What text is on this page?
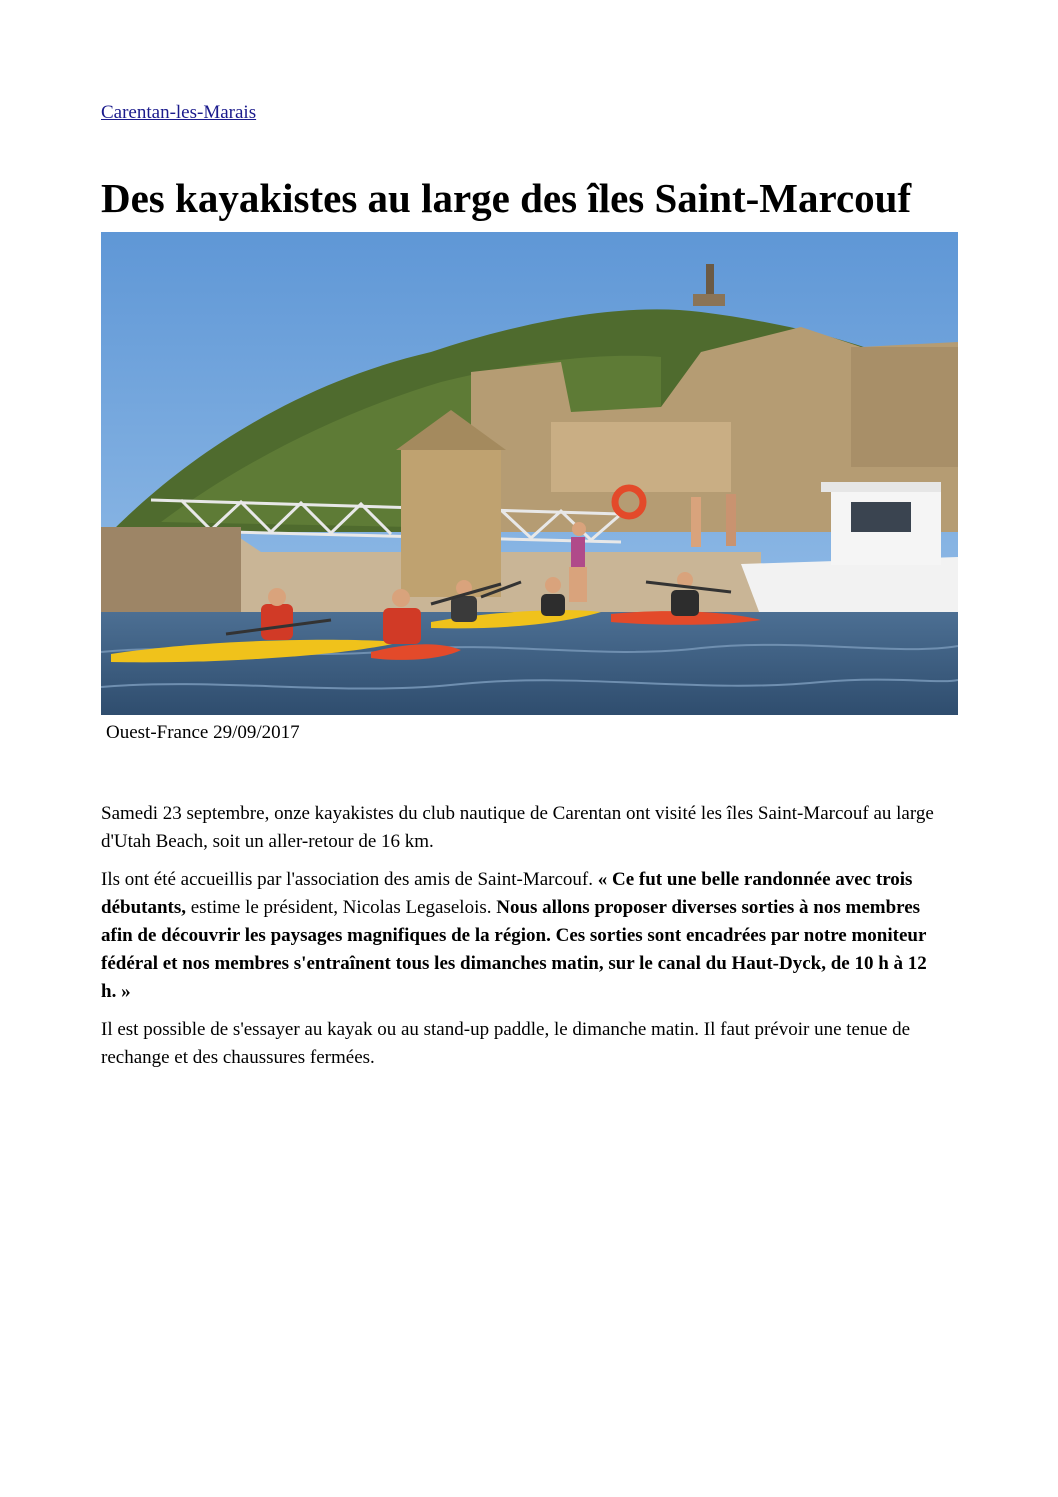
Carentan-les-Marais
Des kayakistes au large des îles Saint-Marcouf
Ouest-France 29/09/2017

Samedi 23 septembre, onze kayakistes du club nautique de Carentan ont visité les îles Saint-Marcouf au large d'Utah Beach, soit un aller-retour de 16 km.

Ils ont été accueillis par l'association des amis de Saint-Marcouf. « Ce fut une belle randonnée avec trois débutants, estime le président, Nicolas Legaselois. Nous allons proposer diverses sorties à nos membres afin de découvrir les paysages magnifiques de la région. Ces sorties sont encadrées par notre moniteur fédéral et nos membres s'entraînent tous les dimanches matin, sur le canal du Haut-Dyck, de 10 h à 12 h. »

Il est possible de s'essayer au kayak ou au stand-up paddle, le dimanche matin. Il faut prévoir une tenue de rechange et des chaussures fermées.
